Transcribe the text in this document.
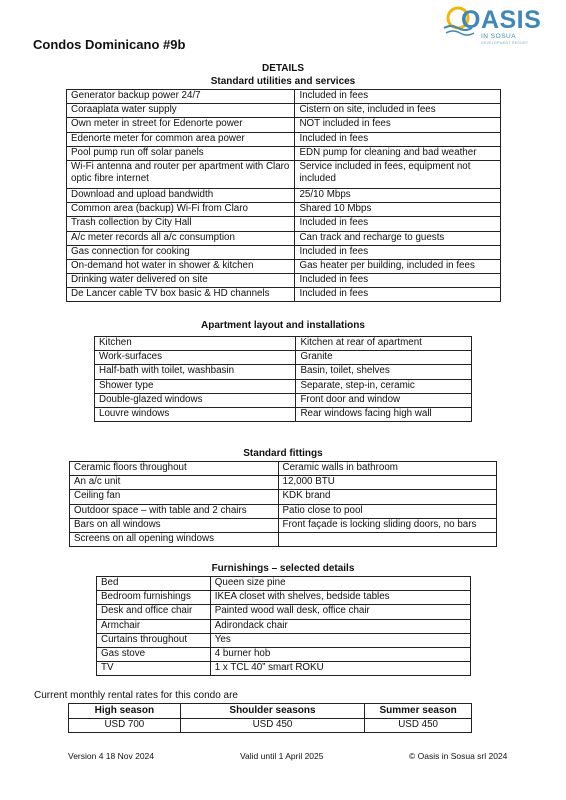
Condos Dominicano #9b
OASIS
IN SOSUA
DEVELOPMENT RESORT
DETAILS
Standard utilities and services
Generator backup power 24/7	Included in fees
Coraaplata water supply	Cistern on site, included in fees
Own meter in street for Edenorte power	NOT included in fees
Edenorte meter for common area power	Included in fees
Pool pump run off solar panels	EDN pump for cleaning and bad weather
Wi-Fi antenna and router per apartment with Claro optic fibre internet	Service included in fees, equipment not included
Download and upload bandwidth	25/10 Mbps
Common area (backup) Wi-Fi from Claro	Shared 10 Mbps
Trash collection by City Hall	Included in fees
A/c meter records all a/c consumption	Can track and recharge to guests
Gas connection for cooking	Included in fees
On-demand hot water in shower & kitchen	Gas heater per building, included in fees
Drinking water delivered on site	Included in fees
De Lancer cable TV box basic & HD channels	Included in fees
Apartment layout and installations
Kitchen	Kitchen at rear of apartment
Work-surfaces	Granite
Half-bath with toilet, washbasin	Basin, toilet, shelves
Shower type	Separate, step-in, ceramic
Double-glazed windows	Front door and window
Louvre windows	Rear windows facing high wall
Standard fittings
Ceramic floors throughout	Ceramic walls in bathroom
An a/c unit	12,000 BTU
Ceiling fan	KDK brand
Outdoor space – with table and 2 chairs	Patio close to pool
Bars on all windows	Front façade is locking sliding doors, no bars
Screens on all opening windows	
Furnishings – selected details
Bed	Queen size pine
Bedroom furnishings	IKEA closet with shelves, bedside tables
Desk and office chair	Painted wood wall desk, office chair
Armchair	Adirondack chair
Curtains throughout	Yes
Gas stove	4 burner hob
TV	1 x TCL 40” smart ROKU
Current monthly rental rates for this condo are
High season	Shoulder seasons	Summer season
USD 700	USD 450	USD 450
Version 4 18 Nov 2024	Valid until 1 April 2025	© Oasis in Sosua srl 2024
